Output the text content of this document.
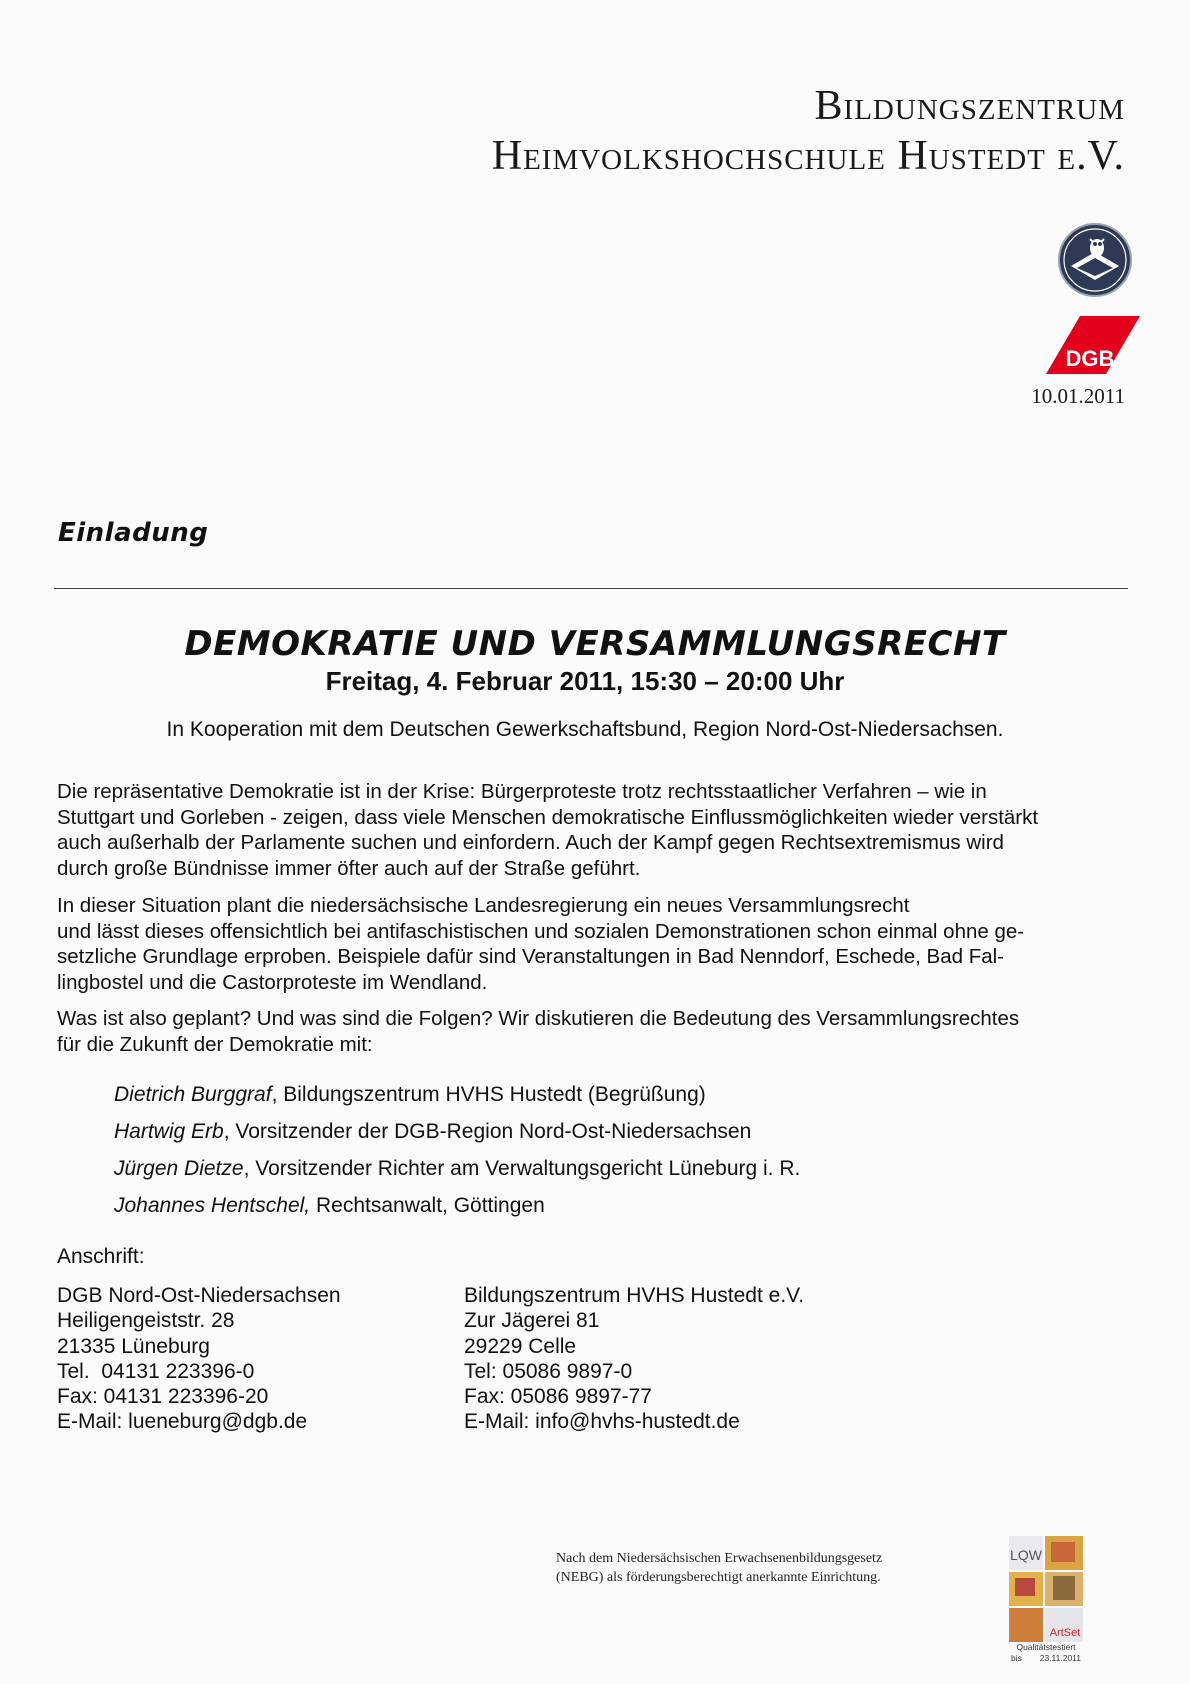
Bildungszentrum
Heimvolkshochschule Hustedt e.V.
DGB
10.01.2011
Einladung
DEMOKRATIE UND VERSAMMLUNGSRECHT
Freitag, 4. Februar 2011, 15:30 – 20:00 Uhr
In Kooperation mit dem Deutschen Gewerkschaftsbund, Region Nord-Ost-Niedersachsen.

Die repräsentative Demokratie ist in der Krise: Bürgerproteste trotz rechtsstaatlicher Verfahren – wie in
Stuttgart und Gorleben - zeigen, dass viele Menschen demokratische Einflussmöglichkeiten wieder verstärkt
auch außerhalb der Parlamente suchen und einfordern. Auch der Kampf gegen Rechtsextremismus wird
durch große Bündnisse immer öfter auch auf der Straße geführt.

In dieser Situation plant die niedersächsische Landesregierung ein neues Versammlungsrecht
und lässt dieses offensichtlich bei antifaschistischen und sozialen Demonstrationen schon einmal ohne ge-
setzliche Grundlage erproben. Beispiele dafür sind Veranstaltungen in Bad Nenndorf, Eschede, Bad Fal-
lingbostel und die Castorproteste im Wendland.

Was ist also geplant? Und was sind die Folgen? Wir diskutieren die Bedeutung des Versammlungsrechtes
für die Zukunft der Demokratie mit:

Dietrich Burggraf, Bildungszentrum HVHS Hustedt (Begrüßung)
Hartwig Erb, Vorsitzender der DGB-Region Nord-Ost-Niedersachsen
Jürgen Dietze, Vorsitzender Richter am Verwaltungsgericht Lüneburg i. R.
Johannes Hentschel, Rechtsanwalt, Göttingen
Anschrift:
DGB Nord-Ost-Niedersachsen
Heiligengeiststr. 28
21335 Lüneburg
Tel.  04131 223396-0
Fax: 04131 223396-20
E-Mail: lueneburg@dgb.de
Bildungszentrum HVHS Hustedt e.V.
Zur Jägerei 81
29229 Celle
Tel: 05086 9897-0
Fax: 05086 9897-77
E-Mail: info@hvhs-hustedt.de
Nach dem Niedersächsischen Erwachsenenbildungsgesetz
(NEBG) als förderungsberechtigt anerkannte Einrichtung.
LQW
ArtSet
Qualitätstestiert
bis 23.11.2011
